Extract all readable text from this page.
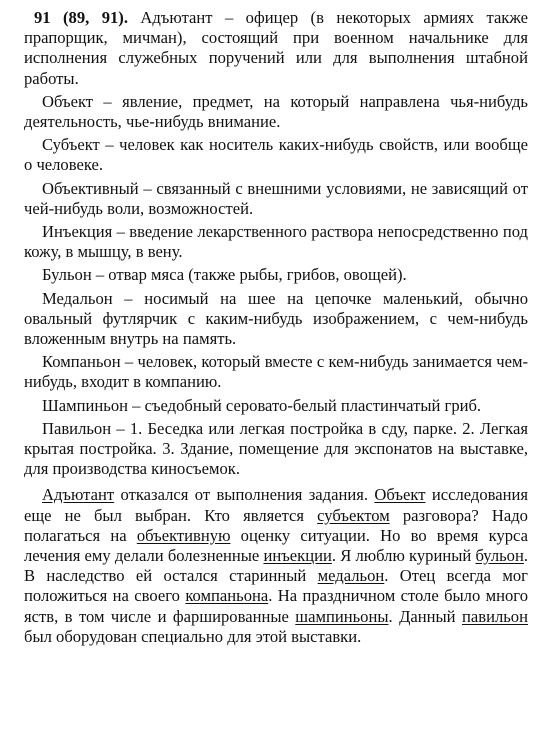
91 (89, 91). Адъютант – офицер (в некоторых армиях также прапорщик, мичман), состоящий при военном начальнике для исполнения служебных поручений или для выполнения штабной работы.

Объект – явление, предмет, на который направлена чья-нибудь деятельность, чье-нибудь внимание.

Субъект – человек как носитель каких-нибудь свойств, или вообще о человеке.

Объективный – связанный с внешними условиями, не зависящий от чей-нибудь воли, возможностей.

Инъекция – введение лекарственного раствора непосредственно под кожу, в мышцу, в вену.

Бульон – отвар мяса (также рыбы, грибов, овощей).

Медальон – носимый на шее на цепочке маленький, обычно овальный футлярчик с каким-нибудь изображением, с чем-нибудь вложенным внутрь на память.

Компаньон – человек, который вместе с кем-нибудь занимается чем-нибудь, входит в компанию.

Шампиньон – съедобный серовато-белый пластинчатый гриб.

Павильон – 1. Беседка или легкая постройка в сду, парке. 2. Легкая крытая постройка. 3. Здание, помещение для экспонатов на выставке, для производства киносъемок.

Адъютант отказался от выполнения задания. Объект исследования еще не был выбран. Кто является субъектом разговора? Надо полагаться на объективную оценку ситуации. Но во время курса лечения ему делали болезненные инъекции. Я люблю куриный бульон. В наследство ей остался старинный медальон. Отец всегда мог положиться на своего компаньона. На праздничном столе было много яств, в том числе и фаршированные шампиньоны. Данный павильон был оборудован специально для этой выставки.
